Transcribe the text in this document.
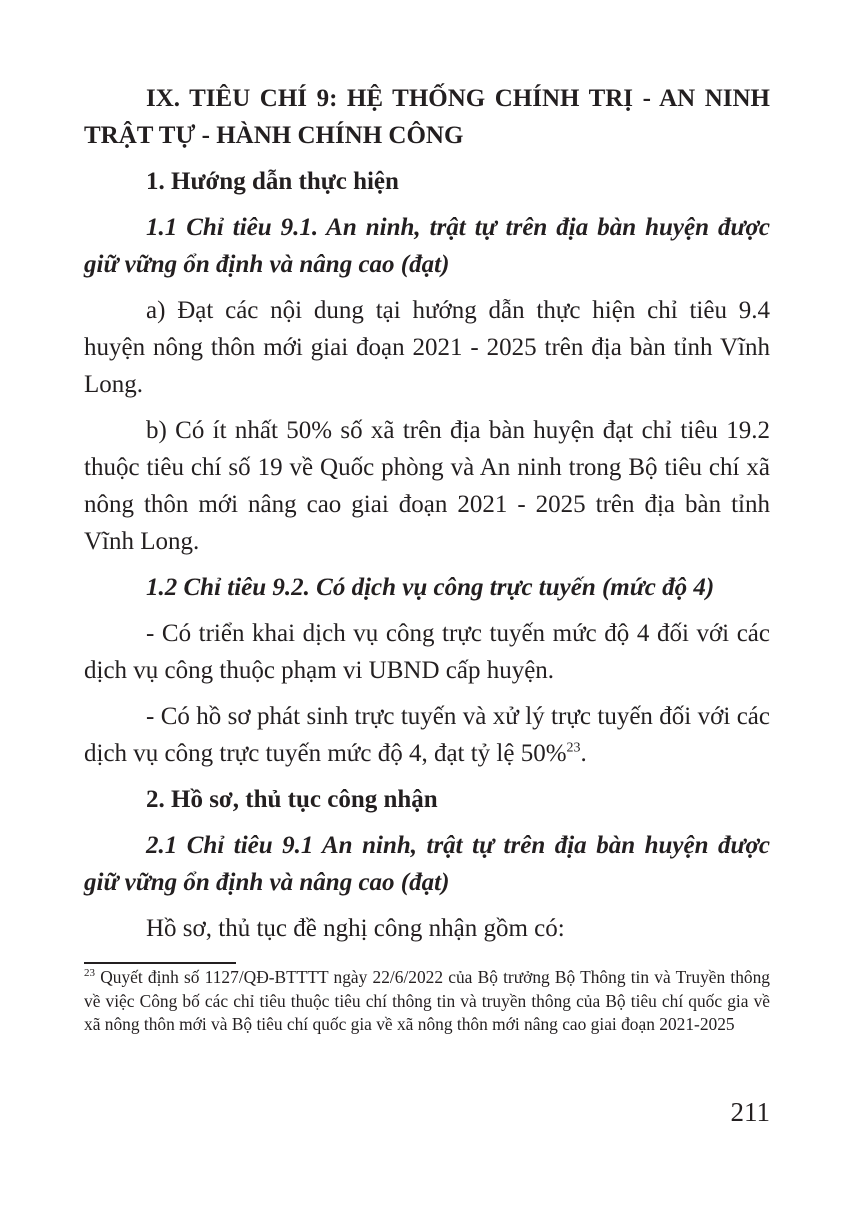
IX. TIÊU CHÍ 9: HỆ THỐNG CHÍNH TRỊ - AN NINH TRẬT TỰ - HÀNH CHÍNH CÔNG

1. Hướng dẫn thực hiện

1.1 Chỉ tiêu 9.1. An ninh, trật tự trên địa bàn huyện được giữ vững ổn định và nâng cao (đạt)

a) Đạt các nội dung tại hướng dẫn thực hiện chỉ tiêu 9.4 huyện nông thôn mới giai đoạn 2021 - 2025 trên địa bàn tỉnh Vĩnh Long.

b) Có ít nhất 50% số xã trên địa bàn huyện đạt chỉ tiêu 19.2 thuộc tiêu chí số 19 về Quốc phòng và An ninh trong Bộ tiêu chí xã nông thôn mới nâng cao giai đoạn 2021 - 2025 trên địa bàn tỉnh Vĩnh Long.

1.2 Chỉ tiêu 9.2. Có dịch vụ công trực tuyến (mức độ 4)

- Có triển khai dịch vụ công trực tuyến mức độ 4 đối với các dịch vụ công thuộc phạm vi UBND cấp huyện.

- Có hồ sơ phát sinh trực tuyến và xử lý trực tuyến đối với các dịch vụ công trực tuyến mức độ 4, đạt tỷ lệ 50%$^{23}$.

2. Hồ sơ, thủ tục công nhận

2.1 Chỉ tiêu 9.1 An ninh, trật tự trên địa bàn huyện được giữ vững ổn định và nâng cao (đạt)

Hồ sơ, thủ tục đề nghị công nhận gồm có:

$^{23}$ Quyết định số 1127/QĐ-BTTTT ngày 22/6/2022 của Bộ trưởng Bộ Thông tin và Truyền thông về việc Công bố các chỉ tiêu thuộc tiêu chí thông tin và truyền thông của Bộ tiêu chí quốc gia về xã nông thôn mới và Bộ tiêu chí quốc gia về xã nông thôn mới nâng cao giai đoạn 2021-2025
211
